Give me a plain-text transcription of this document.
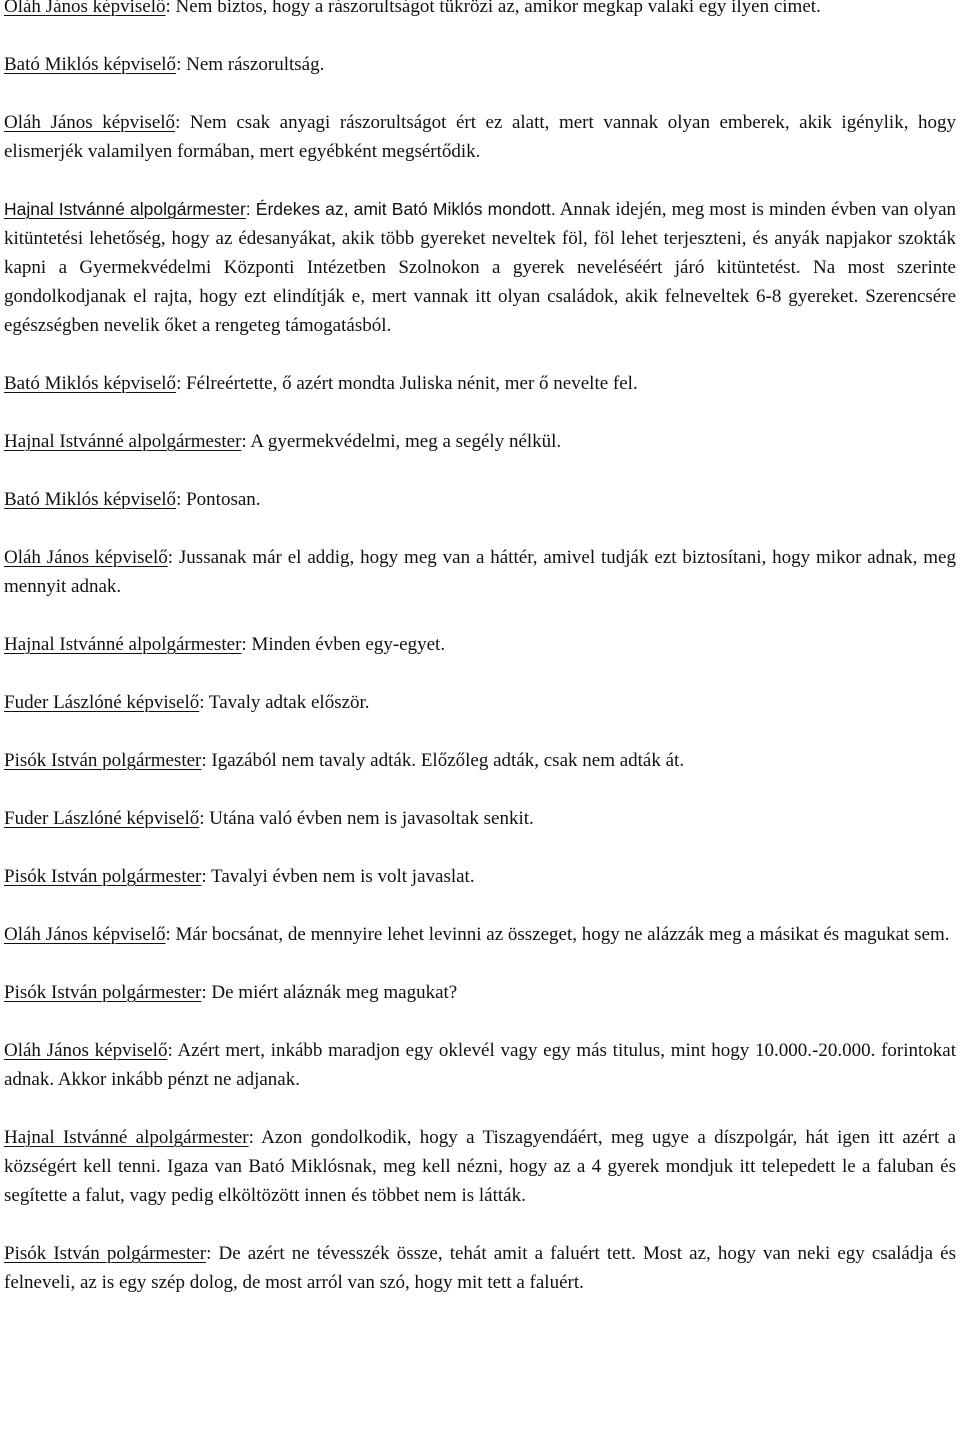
Oláh János képviselő: Nem biztos, hogy a rászorultságot tükrözi az, amikor megkap valaki egy ilyen címet.

Bató Miklós képviselő: Nem rászorultság.

Oláh János képviselő: Nem csak anyagi rászorultságot ért ez alatt, mert vannak olyan emberek, akik igénylik, hogy elismerjék valamilyen formában, mert egyébként megsértődik.

Hajnal Istvánné alpolgármester: Érdekes az, amit Bató Miklós mondott. Annak idején, meg most is minden évben van olyan kitüntetési lehetőség, hogy az édesanyákat, akik több gyereket neveltek föl, föl lehet terjeszteni, és anyák napjakor szokták kapni a Gyermekvédelmi Központi Intézetben Szolnokon a gyerek neveléséért járó kitüntetést. Na most szerinte gondolkodjanak el rajta, hogy ezt elindítják e, mert vannak itt olyan családok, akik felneveltek 6-8 gyereket. Szerencsére egészségben nevelik őket a rengeteg támogatásból.

Bató Miklós képviselő: Félreértette, ő azért mondta Juliska nénit, mer ő nevelte fel.

Hajnal Istvánné alpolgármester: A gyermekvédelmi, meg a segély nélkül.

Bató Miklós képviselő: Pontosan.

Oláh János képviselő: Jussanak már el addig, hogy meg van a háttér, amivel tudják ezt biztosítani, hogy mikor adnak, meg mennyit adnak.

Hajnal Istvánné alpolgármester: Minden évben egy-egyet.

Fuder Lászlóné képviselő: Tavaly adtak először.

Pisók István polgármester: Igazából nem tavaly adták. Előzőleg adták, csak nem adták át.

Fuder Lászlóné képviselő: Utána való évben nem is javasoltak senkit.

Pisók István polgármester: Tavalyi évben nem is volt javaslat.

Oláh János képviselő: Már bocsánat, de mennyire lehet levinni az összeget, hogy ne alázzák meg a másikat és magukat sem.

Pisók István polgármester: De miért aláznák meg magukat?

Oláh János képviselő: Azért mert, inkább maradjon egy oklevél vagy egy más titulus, mint hogy 10.000.-20.000. forintokat adnak. Akkor inkább pénzt ne adjanak.

Hajnal Istvánné alpolgármester: Azon gondolkodik, hogy a Tiszagyendáért, meg ugye a díszpolgár, hát igen itt azért a községért kell tenni. Igaza van Bató Miklósnak, meg kell nézni, hogy az a 4 gyerek mondjuk itt telepedett le a faluban és segítette a falut, vagy pedig elköltözött innen és többet nem is látták.

Pisók István polgármester: De azért ne tévesszék össze, tehát amit a faluért tett. Most az, hogy van neki egy családja és felneveli, az is egy szép dolog, de most arról van szó, hogy mit tett a faluért.
